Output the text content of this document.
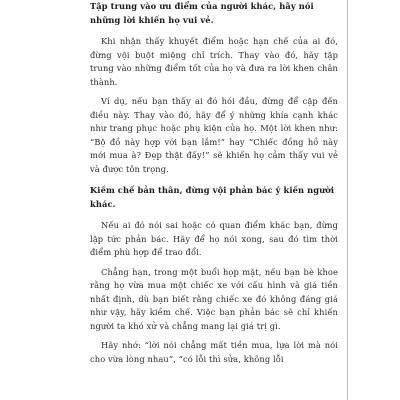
Tập trung vào ưu điểm của người khác, hãy nói những lời khiến họ vui vẻ.

Khi nhận thấy khuyết điểm hoặc hạn chế của ai đó, đừng vội buột miệng chỉ trích. Thay vào đó, hãy tập trung vào những điểm tốt của họ và đưa ra lời khen chân thành.

Ví dụ, nếu bạn thấy ai đó hói đầu, đừng để cập đến điều này. Thay vào đó, hãy để ý những khía cạnh khác như trang phục hoặc phụ kiện của họ. Một lời khen như: “Bộ đồ này hợp với bạn lắm!” hay “Chiếc đồng hồ này mới mua à? Đẹp thật đấy!” sẽ khiến họ cảm thấy vui vẻ và được tôn trọng.

Kiềm chế bản thân, đừng vội phản bác ý kiến người khác.

Nếu ai đó nói sai hoặc có quan điểm khác bạn, đừng lập tức phản bác. Hãy để họ nói xong, sau đó tìm thời điểm phù hợp để trao đổi.

Chẳng hạn, trong một buổi họp mặt, nếu bạn bè khoe rằng họ vừa mua một chiếc xe với cấu hình và giá tiền nhất định, dù bạn biết rằng chiếc xe đó không đáng giá như vậy, hãy kiềm chế. Việc bạn phản bác sẽ chỉ khiến người ta khó xử và chẳng mang lại giá trị gì.

Hãy nhớ: “lời nói chẳng mất tiền mua, lựa lời mà nói cho vừa lòng nhau”, “có lỗi thì sửa, không lỗi
